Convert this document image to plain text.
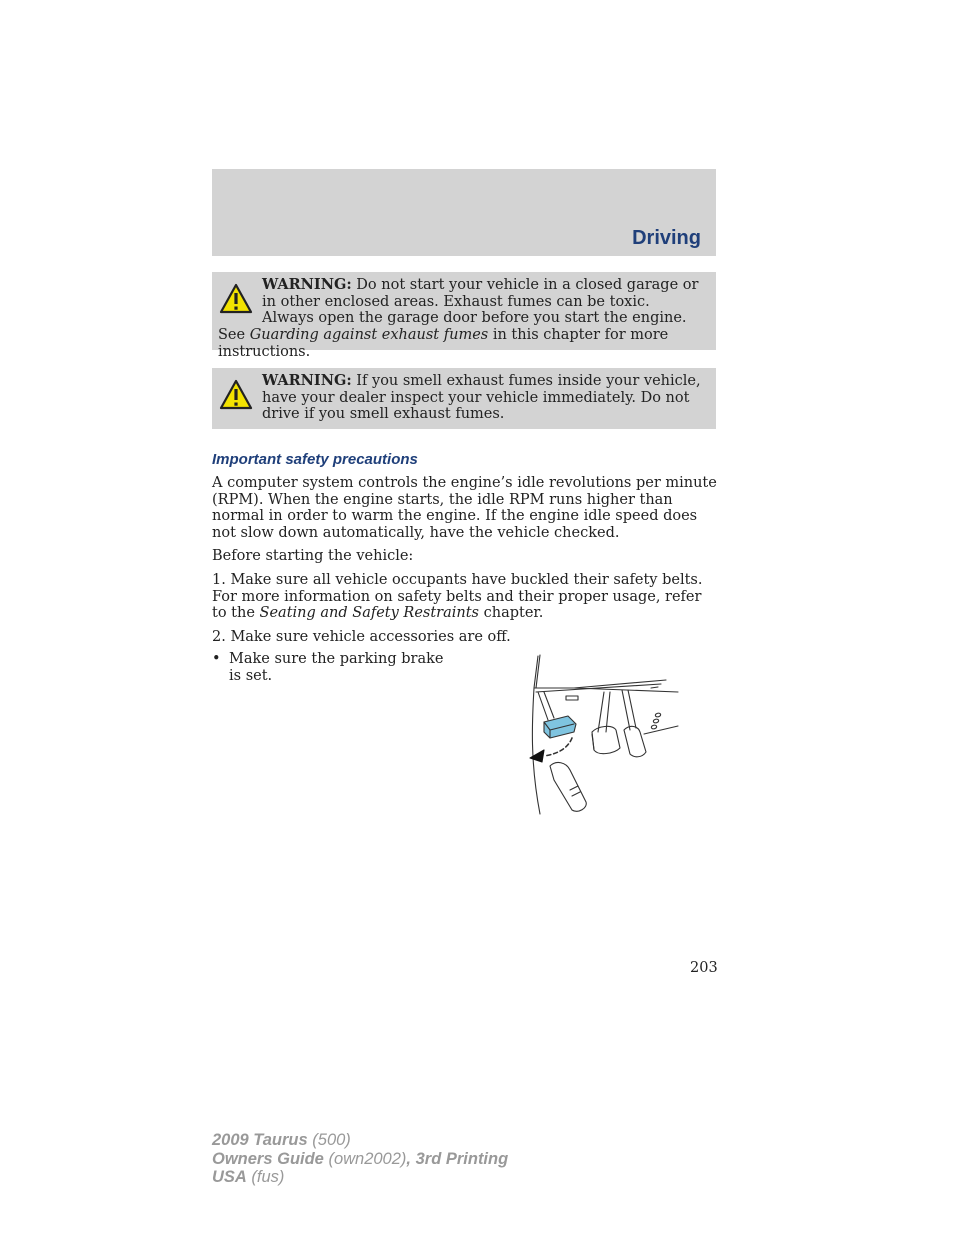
Driving
WARNING: Do not start your vehicle in a closed garage or in other enclosed areas. Exhaust fumes can be toxic. Always open the garage door before you start the engine. See Guarding against exhaust fumes in this chapter for more instructions.
WARNING: If you smell exhaust fumes inside your vehicle, have your dealer inspect your vehicle immediately. Do not drive if you smell exhaust fumes.
Important safety precautions

A computer system controls the engine’s idle revolutions per minute (RPM). When the engine starts, the idle RPM runs higher than normal in order to warm the engine. If the engine idle speed does not slow down automatically, have the vehicle checked.

Before starting the vehicle:

1. Make sure all vehicle occupants have buckled their safety belts. For more information on safety belts and their proper usage, refer to the Seating and Safety Restraints chapter.

2. Make sure vehicle accessories are off.

• Make sure the parking brake is set.
203
2009 Taurus (500)
Owners Guide (own2002), 3rd Printing
USA (fus)
